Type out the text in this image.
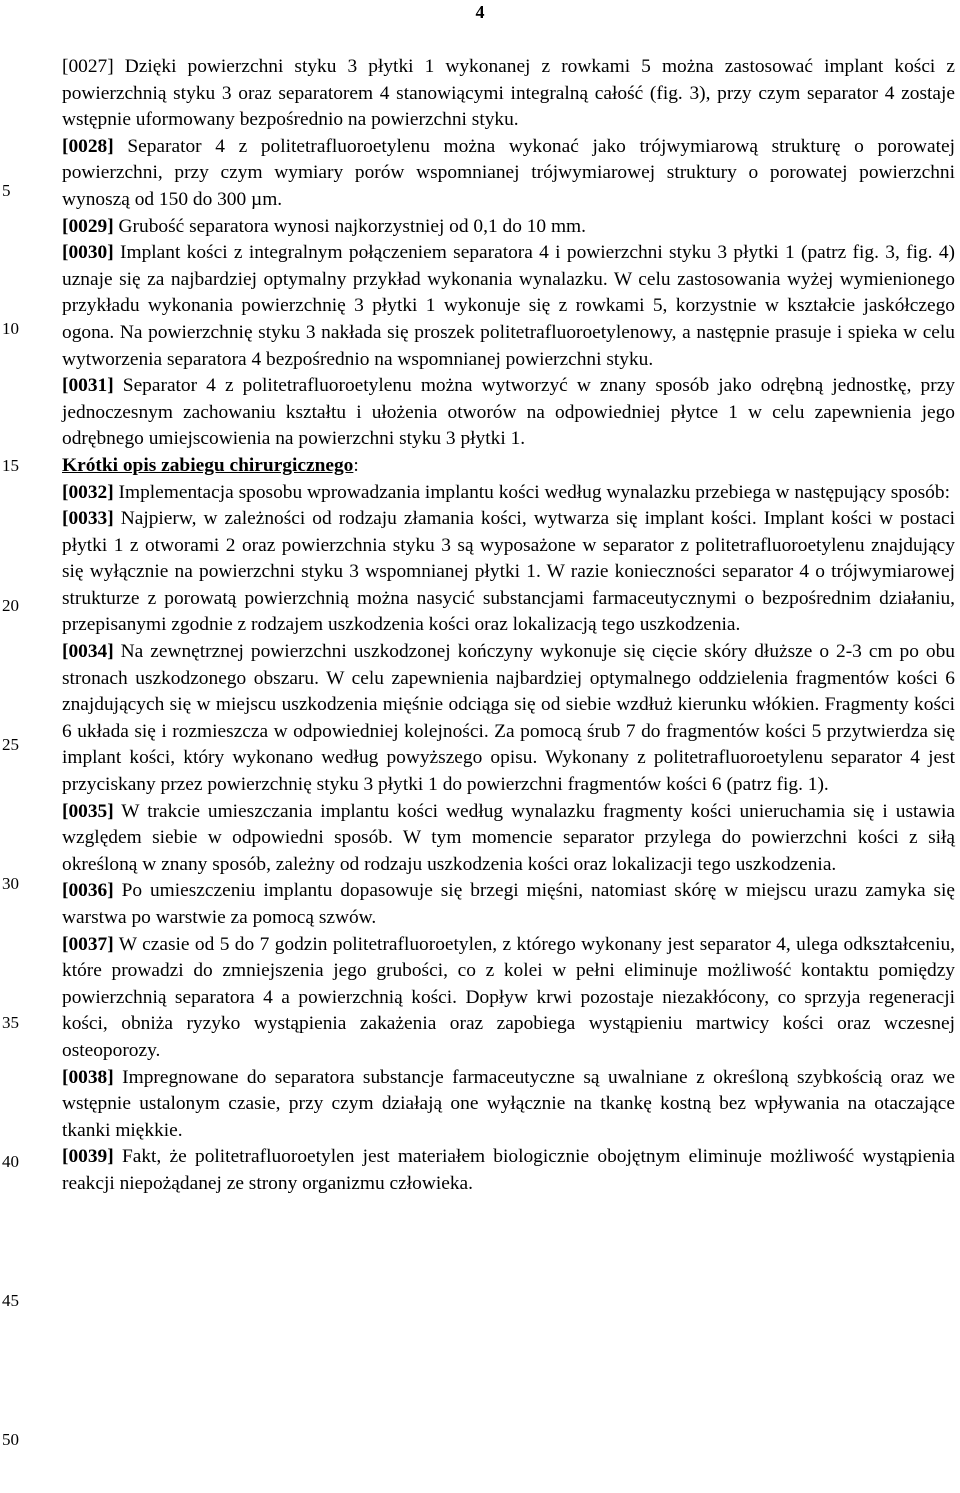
4
5
10
15
20
25
30
35
40
45
50

[0027] Dzięki powierzchni styku 3 płytki 1 wykonanej z rowkami 5 można zastosować implant kości z powierzchnią styku 3 oraz separatorem 4 stanowiącymi integralną całość (fig. 3), przy czym separator 4 zostaje wstępnie uformowany bezpośrednio na powierzchni styku.

[0028] Separator 4 z politetrafluoroetylenu można wykonać jako trójwymiarową strukturę o porowatej powierzchni, przy czym wymiary porów wspomnianej trójwymiarowej struktury o porowatej powierzchni wynoszą od 150 do 300 µm.

[0029] Grubość separatora wynosi najkorzystniej od 0,1 do 10 mm.

[0030] Implant kości z integralnym połączeniem separatora 4 i powierzchni styku 3 płytki 1 (patrz fig. 3, fig. 4) uznaje się za najbardziej optymalny przykład wykonania wynalazku. W celu zastosowania wyżej wymienionego przykładu wykonania powierzchnię 3 płytki 1 wykonuje się z rowkami 5, korzystnie w kształcie jaskółczego ogona. Na powierzchnię styku 3 nakłada się proszek politetrafluoroetylenowy, a następnie prasuje i spieka w celu wytworzenia separatora 4 bezpośrednio na wspomnianej powierzchni styku.

[0031] Separator 4 z politetrafluoroetylenu można wytworzyć w znany sposób jako odrębną jednostkę, przy jednoczesnym zachowaniu kształtu i ułożenia otworów na odpowiedniej płytce 1 w celu zapewnienia jego odrębnego umiejscowienia na powierzchni styku 3 płytki 1.

Krótki opis zabiegu chirurgicznego:

[0032] Implementacja sposobu wprowadzania implantu kości według wynalazku przebiega w następujący sposób:

[0033] Najpierw, w zależności od rodzaju złamania kości, wytwarza się implant kości. Implant kości w postaci płytki 1 z otworami 2 oraz powierzchnia styku 3 są wyposażone w separator z politetrafluoroetylenu znajdujący się wyłącznie na powierzchni styku 3 wspomnianej płytki 1. W razie konieczności separator 4 o trójwymiarowej strukturze z porowatą powierzchnią można nasycić substancjami farmaceutycznymi o bezpośrednim działaniu, przepisanymi zgodnie z rodzajem uszkodzenia kości oraz lokalizacją tego uszkodzenia.

[0034] Na zewnętrznej powierzchni uszkodzonej kończyny wykonuje się cięcie skóry dłuższe o 2-3 cm po obu stronach uszkodzonego obszaru. W celu zapewnienia najbardziej optymalnego oddzielenia fragmentów kości 6 znajdujących się w miejscu uszkodzenia mięśnie odciąga się od siebie wzdłuż kierunku włókien. Fragmenty kości 6 układa się i rozmieszcza w odpowiedniej kolejności. Za pomocą śrub 7 do fragmentów kości 5 przytwierdza się implant kości, który wykonano według powyższego opisu. Wykonany z politetrafluoroetylenu separator 4 jest przyciskany przez powierzchnię styku 3 płytki 1 do powierzchni fragmentów kości 6 (patrz fig. 1).

[0035] W trakcie umieszczania implantu kości według wynalazku fragmenty kości unieruchamia się i ustawia względem siebie w odpowiedni sposób. W tym momencie separator przylega do powierzchni kości z siłą określoną w znany sposób, zależny od rodzaju uszkodzenia kości oraz lokalizacji tego uszkodzenia.

[0036] Po umieszczeniu implantu dopasowuje się brzegi mięśni, natomiast skórę w miejscu urazu zamyka się warstwa po warstwie za pomocą szwów.

[0037] W czasie od 5 do 7 godzin politetrafluoroetylen, z którego wykonany jest separator 4, ulega odkształceniu, które prowadzi do zmniejszenia jego grubości, co z kolei w pełni eliminuje możliwość kontaktu pomiędzy powierzchnią separatora 4 a powierzchnią kości. Dopływ krwi pozostaje niezakłócony, co sprzyja regeneracji kości, obniża ryzyko wystąpienia zakażenia oraz zapobiega wystąpieniu martwicy kości oraz wczesnej osteoporozy.

[0038] Impregnowane do separatora substancje farmaceutyczne są uwalniane z określoną szybkością oraz we wstępnie ustalonym czasie, przy czym działają one wyłącznie na tkankę kostną bez wpływania na otaczające tkanki miękkie.

[0039] Fakt, że politetrafluoroetylen jest materiałem biologicznie obojętnym eliminuje możliwość wystąpienia reakcji niepożądanej ze strony organizmu człowieka.
